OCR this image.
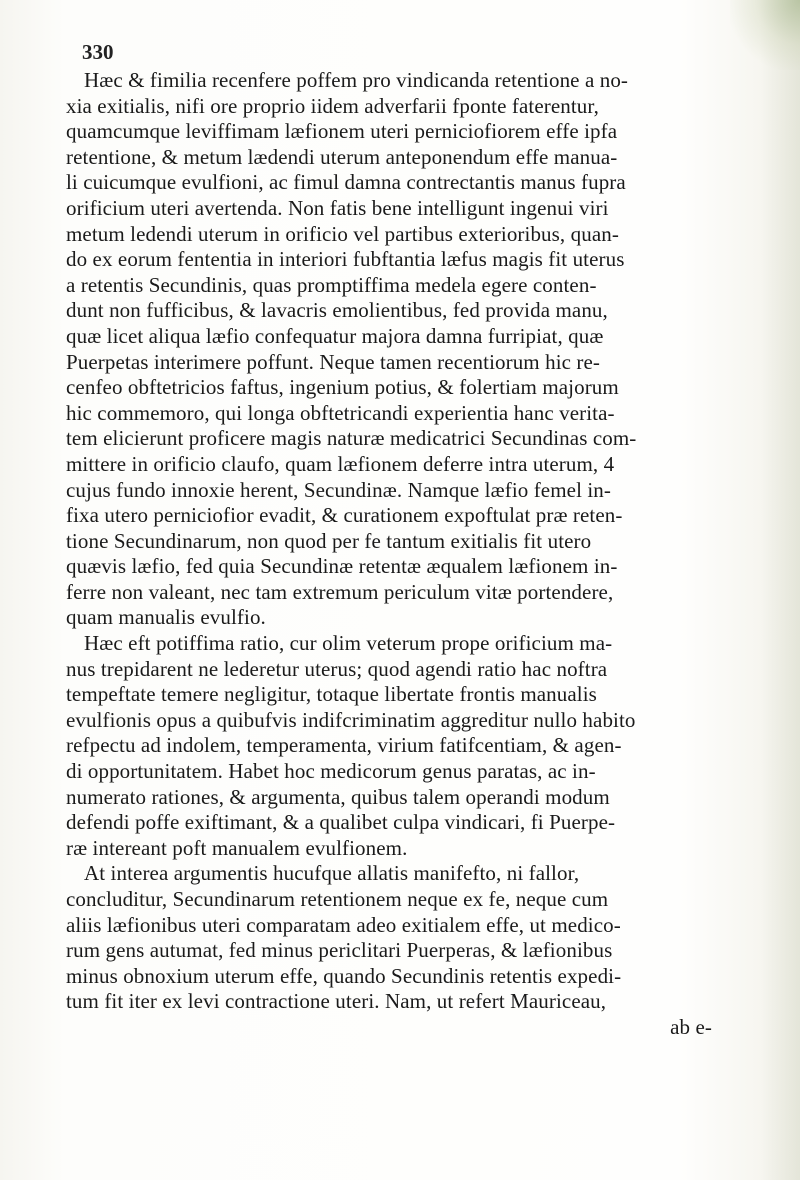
330
Hæc & fimilia recenfere poffem pro vindicanda retentione a no-
xia exitialis, nifi ore proprio iidem adverfarii fponte faterentur,
quamcumque leviffimam læfionem uteri perniciofiorem effe ipfa
retentione, & metum lædendi uterum anteponendum effe manua-
li cuicumque evulfioni, ac fimul damna contrectantis manus fupra
orificium uteri avertenda. Non fatis bene intelligunt ingenui viri
metum ledendi uterum in orificio vel partibus exterioribus, quan-
do ex eorum fententia in interiori fubftantia læfus magis fit uterus
a retentis Secundinis, quas promptiffima medela egere conten-
dunt non fufficibus, & lavacris emolientibus, fed provida manu,
quæ licet aliqua læfio confequatur majora damna furripiat, quæ
Puerpetas interimere poffunt. Neque tamen recentiorum hic re-
cenfeo obftetricios faftus, ingenium potius, & folertiam majorum
hic commemoro, qui longa obftetricandi experientia hanc verita-
tem elicierunt proficere magis naturæ medicatrici Secundinas com-
mittere in orificio claufo, quam læfionem deferre intra uterum, 4
cujus fundo innoxie herent, Secundinæ. Namque læfio femel in-
fixa utero perniciofior evadit, & curationem expoftulat præ reten-
tione Secundinarum, non quod per fe tantum exitialis fit utero
quævis læfio, fed quia Secundinæ retentæ æqualem læfionem in-
ferre non valeant, nec tam extremum periculum vitæ portendere,
quam manualis evulfio.
Hæc eft potiffima ratio, cur olim veterum prope orificium ma-
nus trepidarent ne lederetur uterus; quod agendi ratio hac noftra
tempeftate temere negligitur, totaque libertate frontis manualis
evulfionis opus a quibufvis indifcriminatim aggreditur nullo habito
refpectu ad indolem, temperamenta, virium fatifcentiam, & agen-
di opportunitatem. Habet hoc medicorum genus paratas, ac in-
numerato rationes, & argumenta, quibus talem operandi modum
defendi poffe exiftimant, & a qualibet culpa vindicari, fi Puerpe-
ræ intereant poft manualem evulfionem.
At interea argumentis hucufque allatis manifefto, ni fallor,
concluditur, Secundinarum retentionem neque ex fe, neque cum
aliis læfionibus uteri comparatam adeo exitialem effe, ut medico-
rum gens autumat, fed minus periclitari Puerperas, & læfionibus
minus obnoxium uterum effe, quando Secundinis retentis expedi-
tum fit iter ex levi contractione uteri. Nam, ut refert Mauriceau,
ab e-
